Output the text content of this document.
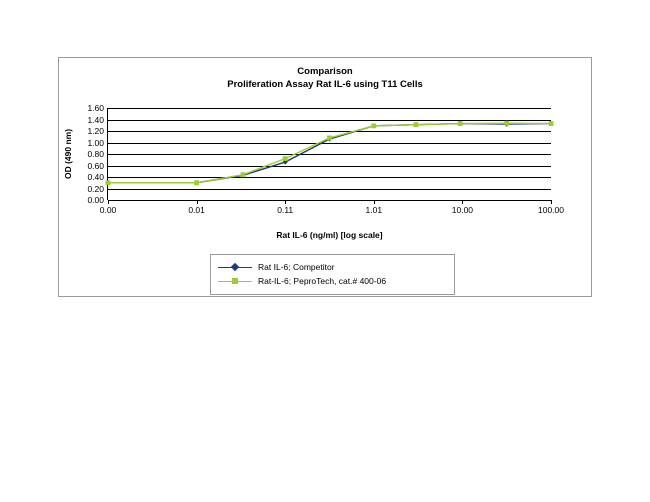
Comparison
Proliferation Assay Rat IL-6 using T11 Cells
OD (490 nm)
0.00
0.20
0.40
0.60
0.80
1.00
1.20
1.40
1.60
0.00	0.01	0.11	1.01	10.00	100.00
Rat IL-6 (ng/ml) [log scale]
Rat IL-6; Competitor
Rat-IL-6; PeproTech, cat.# 400-06
